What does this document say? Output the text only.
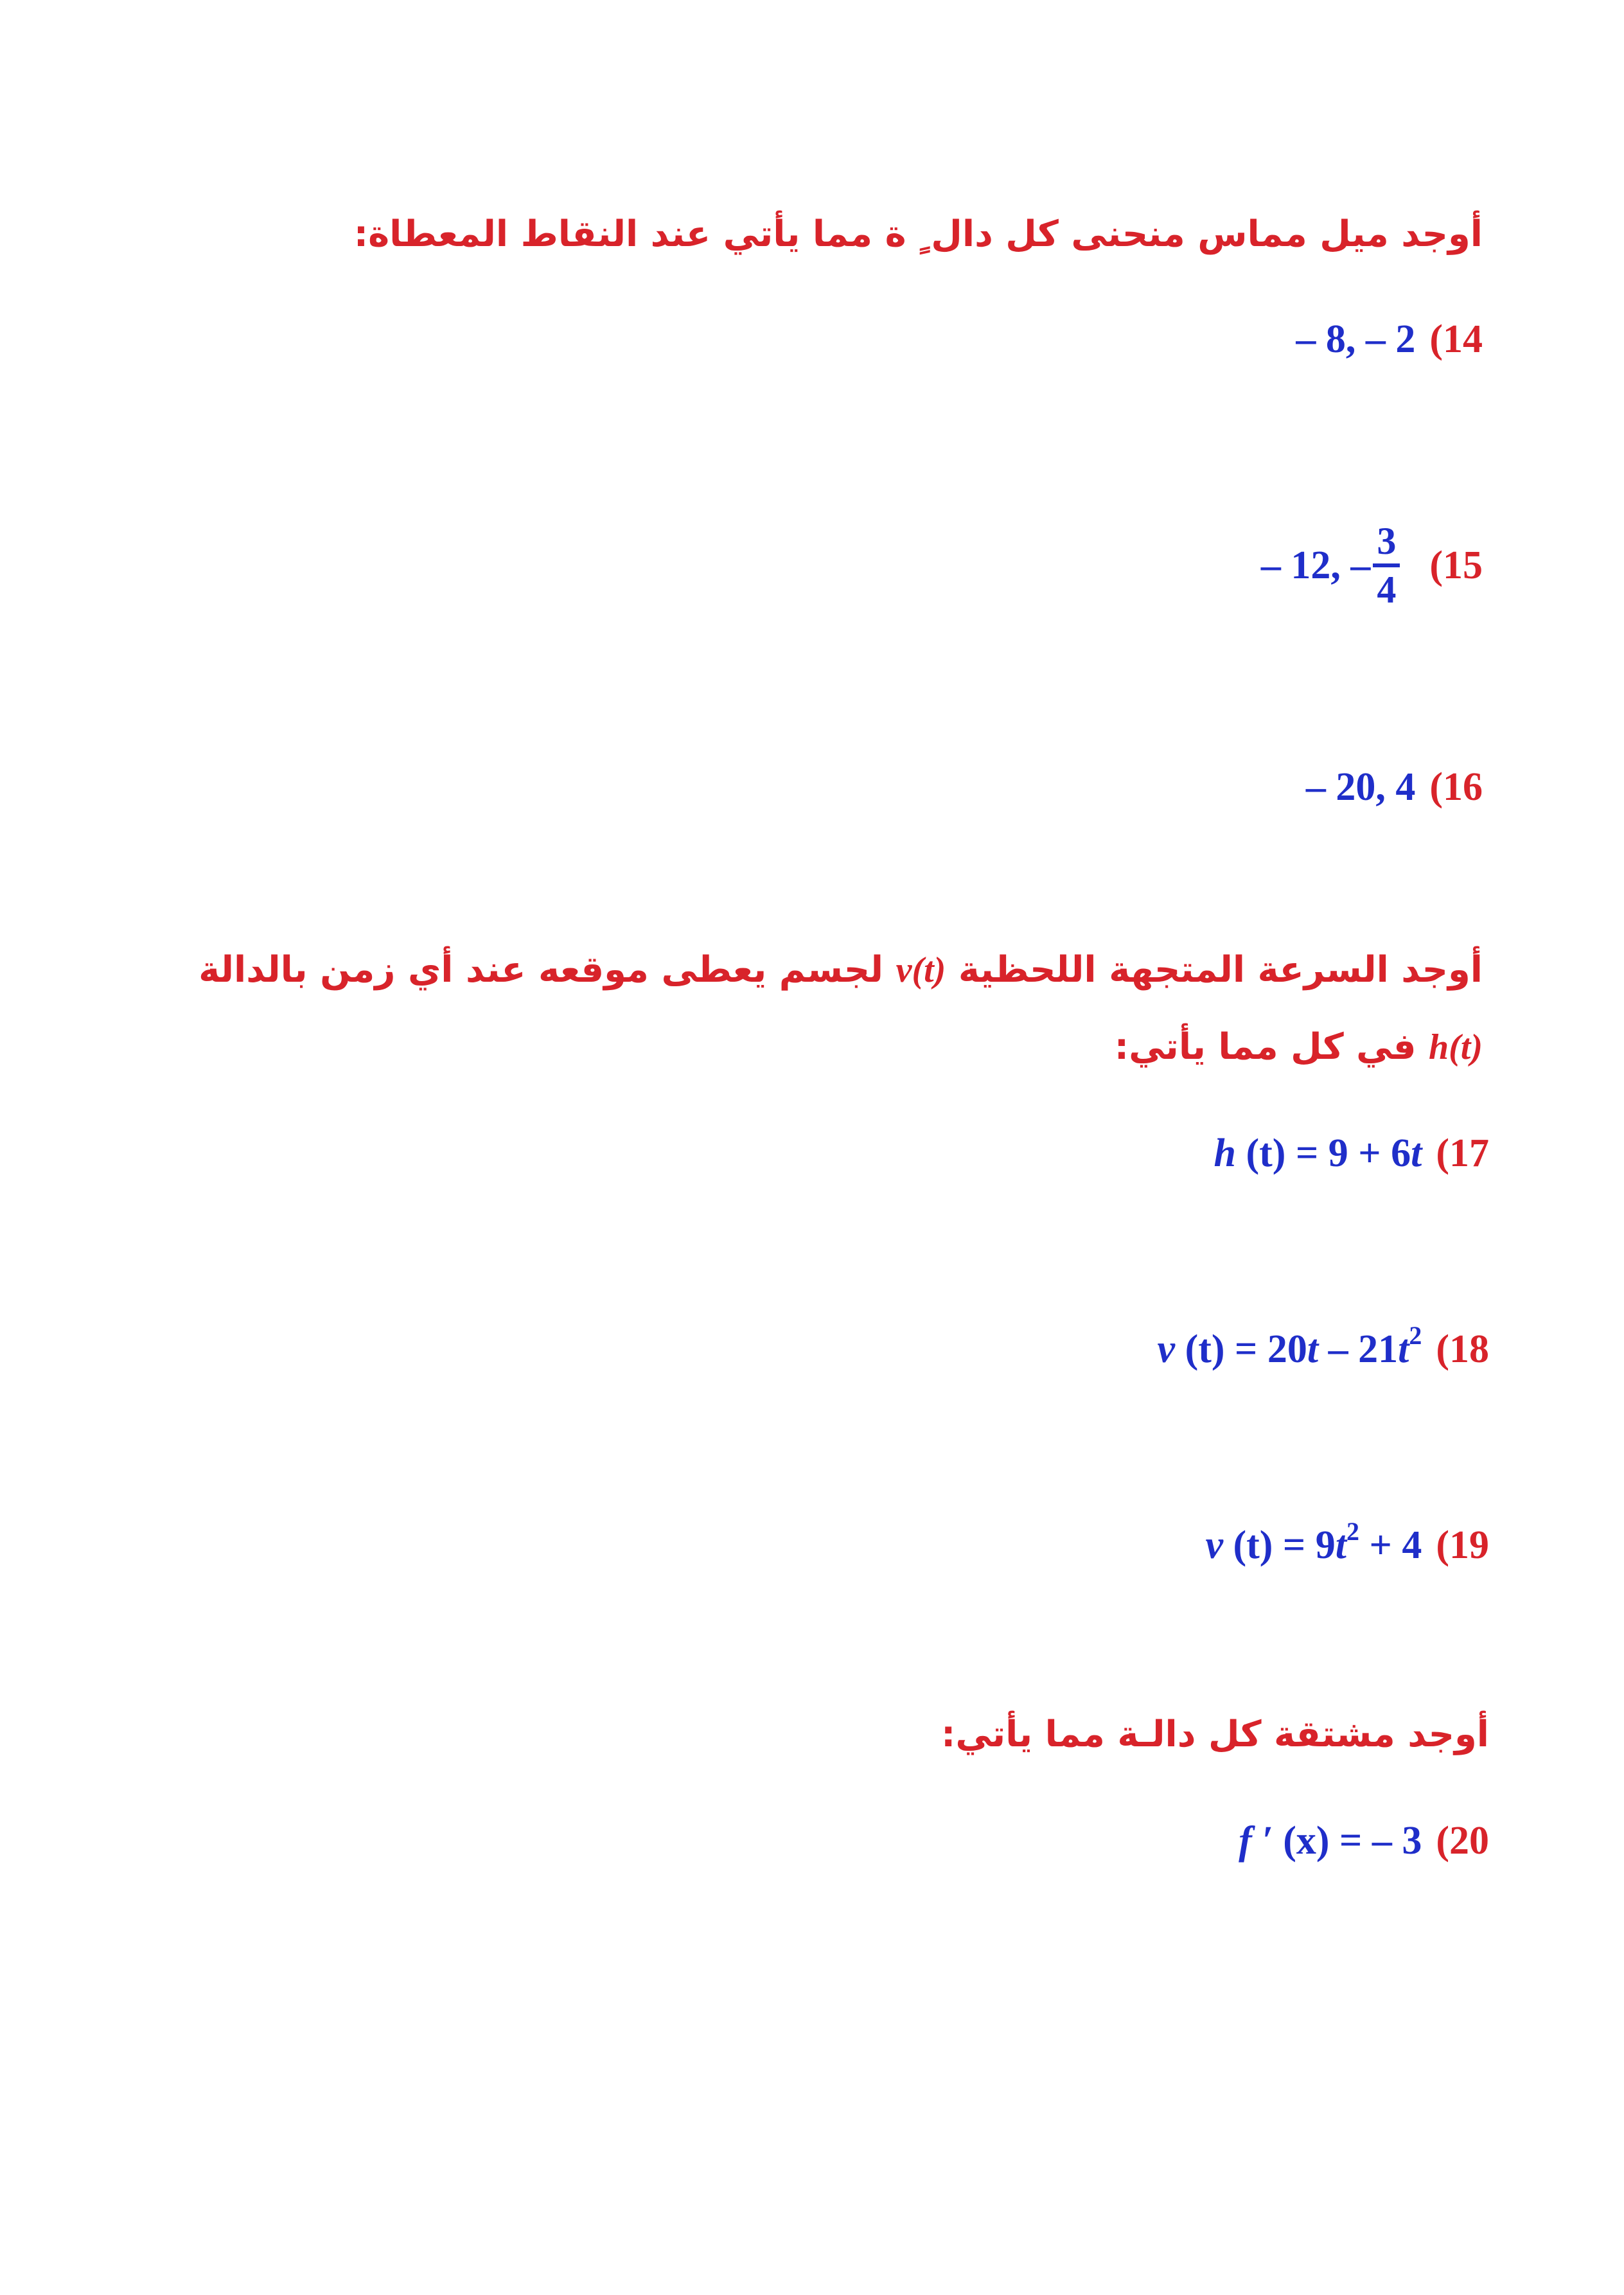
أوجد ميل مماس منحنى كل دال ٍ ة مما يأتي عند النقاط المعطاة:
– 8, – 2 (14
– 12, –
3
4
(15
– 20, 4 (16
أوجد السرعة المتجهة اللحظية v(t) لجسم يعطى موقعه عند أي زمن بالدالة h(t) في كل مما يأتي:
h (t) = 9 + 6t (17
v $(t) = 20t - 21t^2$ (18
v $(t) = 9t^2 + 4$ (19
أوجد مشتقة كل دالـة مما يأتي:
f ′ (x) = – 3 (20
